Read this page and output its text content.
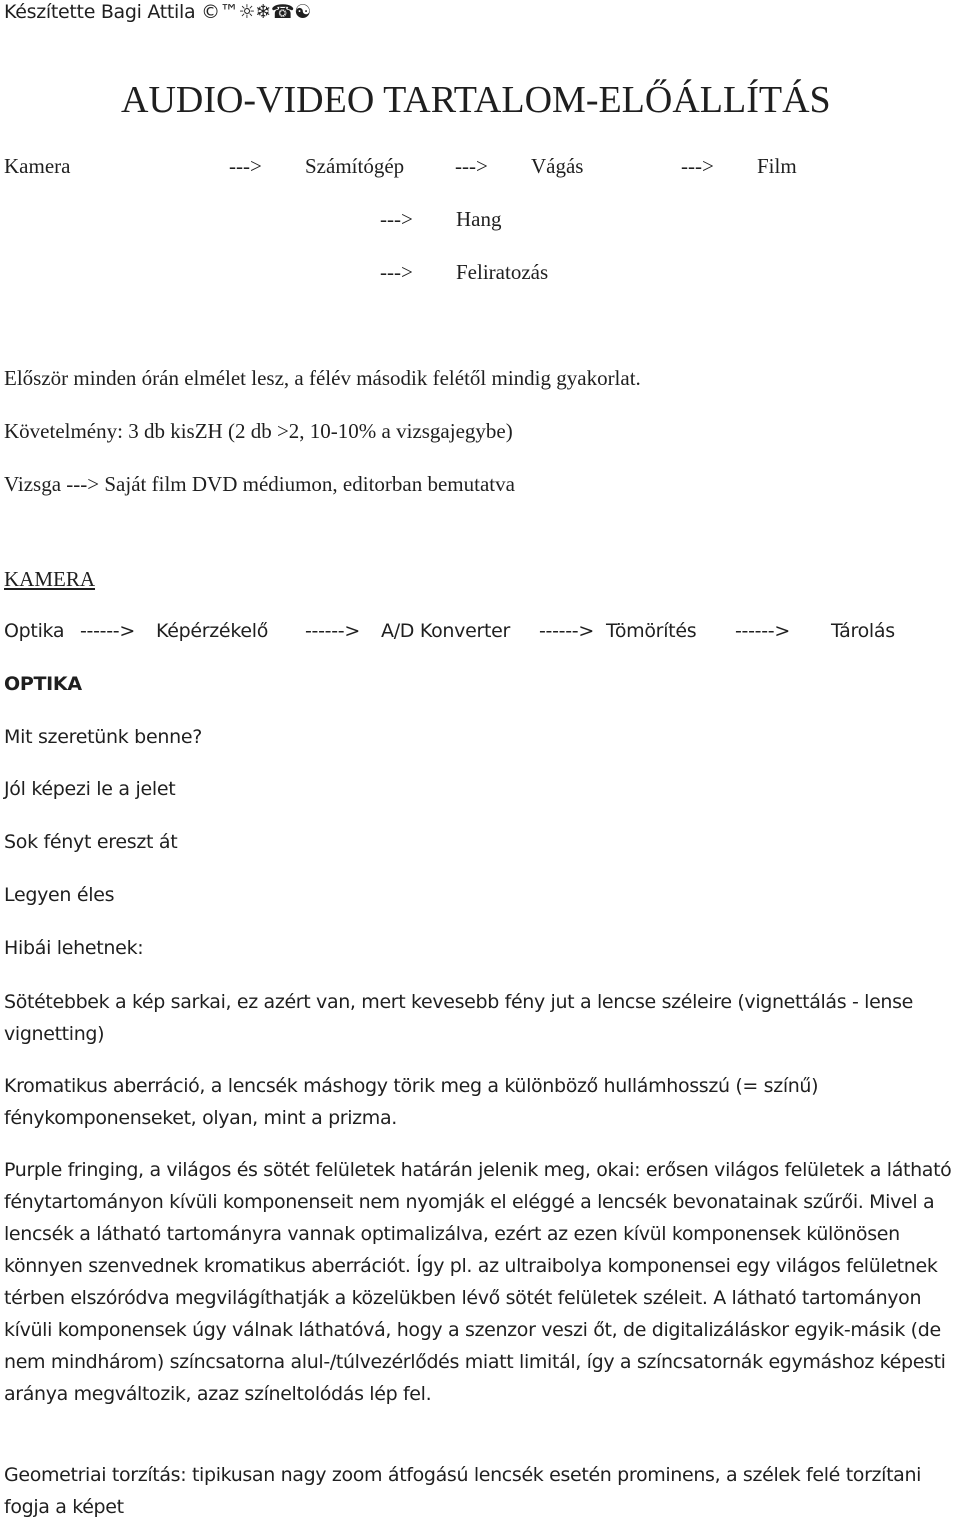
Készítette Bagi Attila ©™☼❄☎☯
AUDIO-VIDEO TARTALOM-ELŐÁLLÍTÁS
Kamera	---> Számítógép ---> Vágás	---> Film
---> Hang
---> Feliratozás
Először minden órán elmélet lesz, a félév második felétől mindig gyakorlat.
Követelmény: 3 db kisZH (2 db >2, 10-10% a vizsgajegybe)
Vizsga ---> Saját film DVD médiumon, editorban bemutatva
KAMERA
Optika ------> Képérzékelő ------> A/D Konverter ------> Tömörítés ------> Tárolás
OPTIKA
Mit szeretünk benne?
Jól képezi le a jelet
Sok fényt ereszt át
Legyen éles
Hibái lehetnek:
Sötétebbek a kép sarkai, ez azért van, mert kevesebb fény jut a lencse széleire (vignettálás - lense vignetting)
Kromatikus aberráció, a lencsék máshogy törik meg a különböző hullámhosszú (= színű) fénykomponenseket, olyan, mint a prizma.
Purple fringing, a világos és sötét felületek határán jelenik meg, okai: erősen világos felületek a látható fénytartományon kívüli komponenseit nem nyomják el eléggé a lencsék bevonatainak szűrői. Mivel a lencsék a látható tartományra vannak optimalizálva, ezért az ezen kívül komponensek különösen könnyen szenvednek kromatikus aberrációt. Így pl. az ultraibolya komponensei egy világos felületnek térben elszóródva megvilágíthatják a közelükben lévő sötét felületek széleit. A látható tartományon kívüli komponensek úgy válnak láthatóvá, hogy a szenzor veszi őt, de digitalizáláskor egyik-másik (de nem mindhárom) színcsatorna alul-/túlvezérlődés miatt limitál, így a színcsatornák egymáshoz képesti aránya megváltozik, azaz színeltolódás lép fel.
Geometriai torzítás: tipikusan nagy zoom átfogású lencsék esetén prominens, a szélek felé torzítani fogja a képet
